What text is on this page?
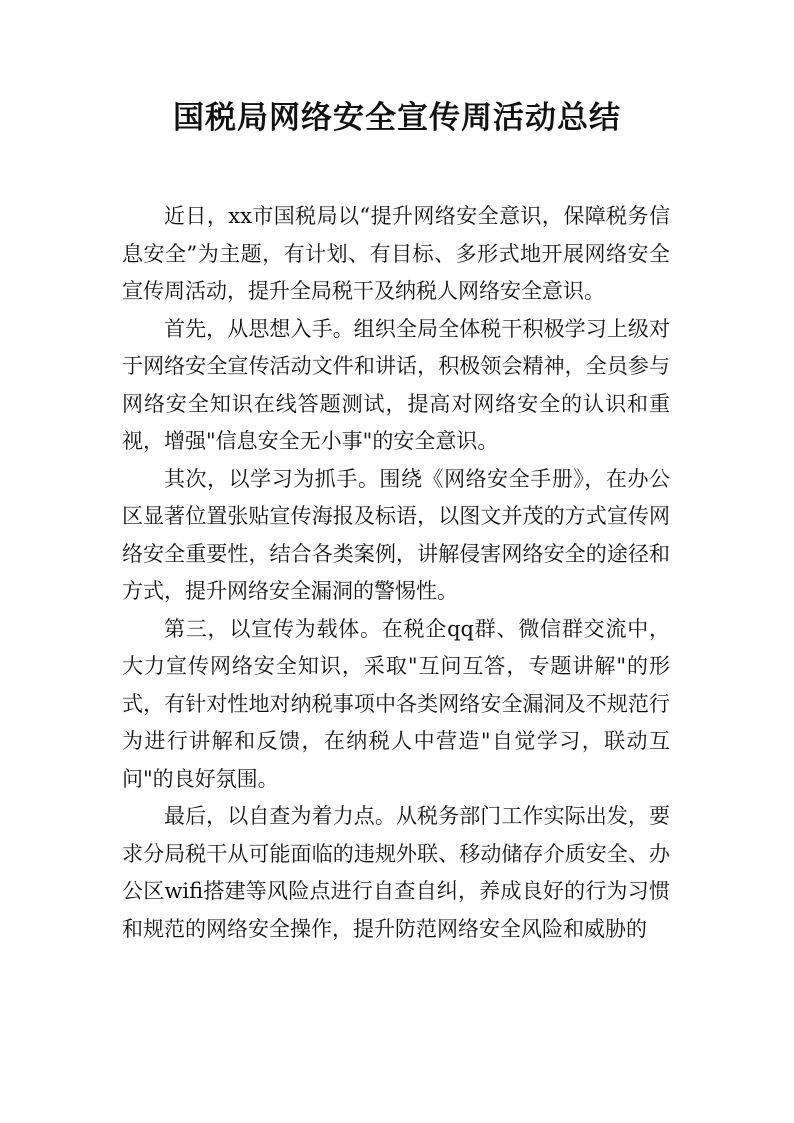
国税局网络安全宣传周活动总结

近日，xx市国税局以“提升网络安全意识，保障税务信息安全”为主题，有计划、有目标、多形式地开展网络安全宣传周活动，提升全局税干及纳税人网络安全意识。

首先，从思想入手。组织全局全体税干积极学习上级对于网络安全宣传活动文件和讲话，积极领会精神，全员参与网络安全知识在线答题测试，提高对网络安全的认识和重视，增强"信息安全无小事"的安全意识。

其次，以学习为抓手。围绕《网络安全手册》，在办公区显著位置张贴宣传海报及标语，以图文并茂的方式宣传网络安全重要性，结合各类案例，讲解侵害网络安全的途径和方式，提升网络安全漏洞的警惕性。

第三，以宣传为载体。在税企qq群、微信群交流中，大力宣传网络安全知识，采取"互问互答，专题讲解"的形式，有针对性地对纳税事项中各类网络安全漏洞及不规范行为进行讲解和反馈，在纳税人中营造"自觉学习，联动互问"的良好氛围。

最后，以自查为着力点。从税务部门工作实际出发，要求分局税干从可能面临的违规外联、移动储存介质安全、办公区wifi搭建等风险点进行自查自纠，养成良好的行为习惯和规范的网络安全操作，提升防范网络安全风险和威胁的
